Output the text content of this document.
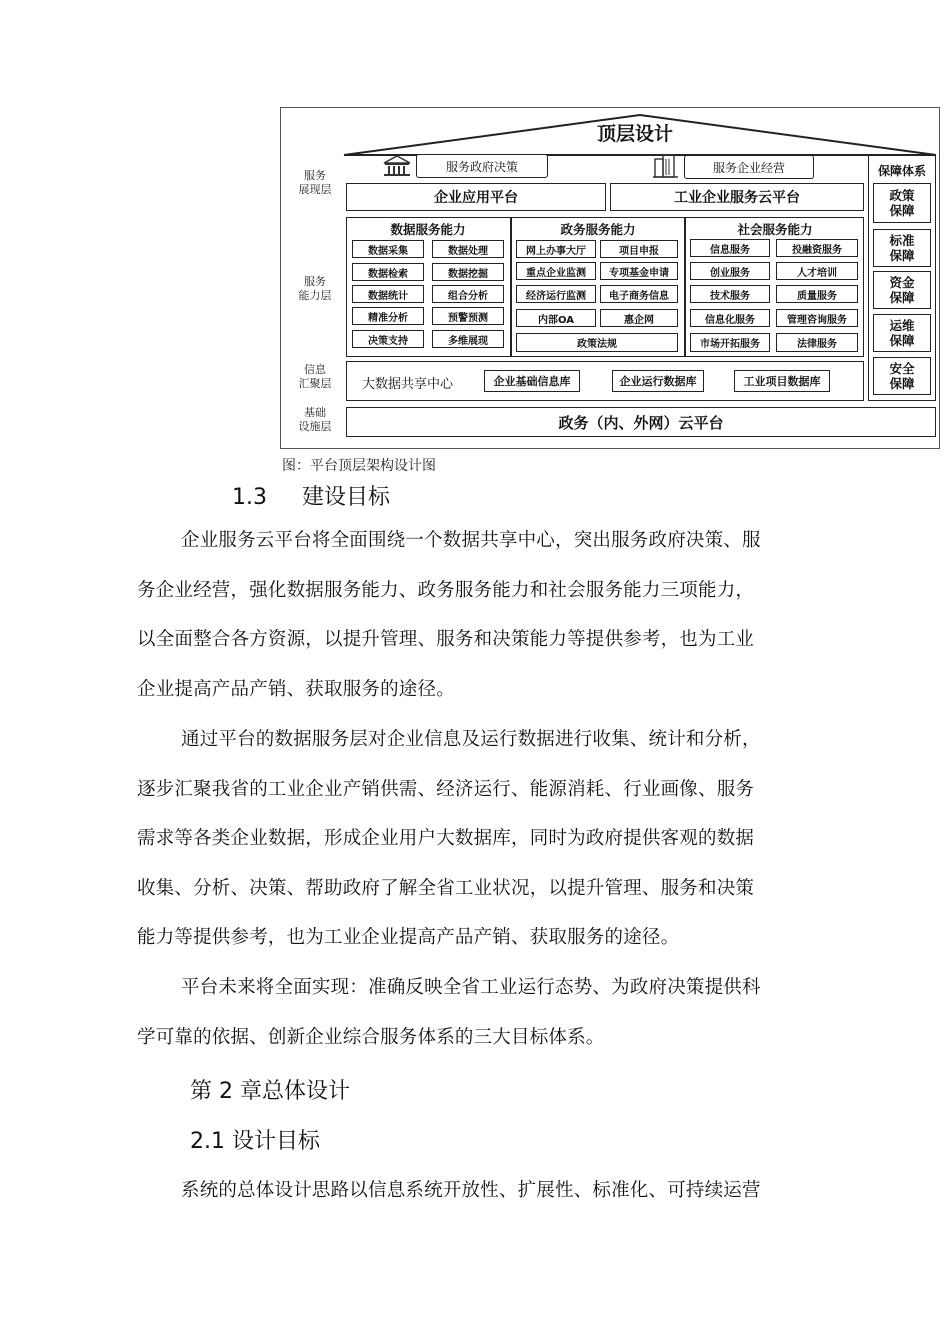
顶层设计
服务
展现层
服务
能力层
信息
汇聚层
基础
设施层
服务政府决策	服务企业经营
企业应用平台	工业企业服务云平台
数据服务能力	政务服务能力	社会服务能力
数据采集	数据处理
数据检索	数据挖掘
数据统计	组合分析
精准分析	预警预测
决策支持	多维展现
网上办事大厅	项目申报
重点企业监测	专项基金申请
经济运行监测	电子商务信息
内部OA	惠企网
政策法规
信息服务	投融资服务
创业服务	人才培训
技术服务	质量服务
信息化服务	管理咨询服务
市场开拓服务	法律服务
大数据共享中心	企业基础信息库	企业运行数据库	工业项目数据库
政务（内、外网）云平台
保障体系
政策
保障
标准
保障
资金
保障
运维
保障
安全
保障
图：平台顶层架构设计图
1.3 建设目标

企业服务云平台将全面围绕一个数据共享中心，突出服务政府决策、服

务企业经营，强化数据服务能力、政务服务能力和社会服务能力三项能力，

以全面整合各方资源，以提升管理、服务和决策能力等提供参考，也为工业

企业提高产品产销、获取服务的途径。

通过平台的数据服务层对企业信息及运行数据进行收集、统计和分析，

逐步汇聚我省的工业企业产销供需、经济运行、能源消耗、行业画像、服务

需求等各类企业数据，形成企业用户大数据库，同时为政府提供客观的数据

收集、分析、决策、帮助政府了解全省工业状况，以提升管理、服务和决策

能力等提供参考，也为工业企业提高产品产销、获取服务的途径。

平台未来将全面实现：准确反映全省工业运行态势、为政府决策提供科

学可靠的依据、创新企业综合服务体系的三大目标体系。

第 2 章总体设计
2.1 设计目标

系统的总体设计思路以信息系统开放性、扩展性、标准化、可持续运营
